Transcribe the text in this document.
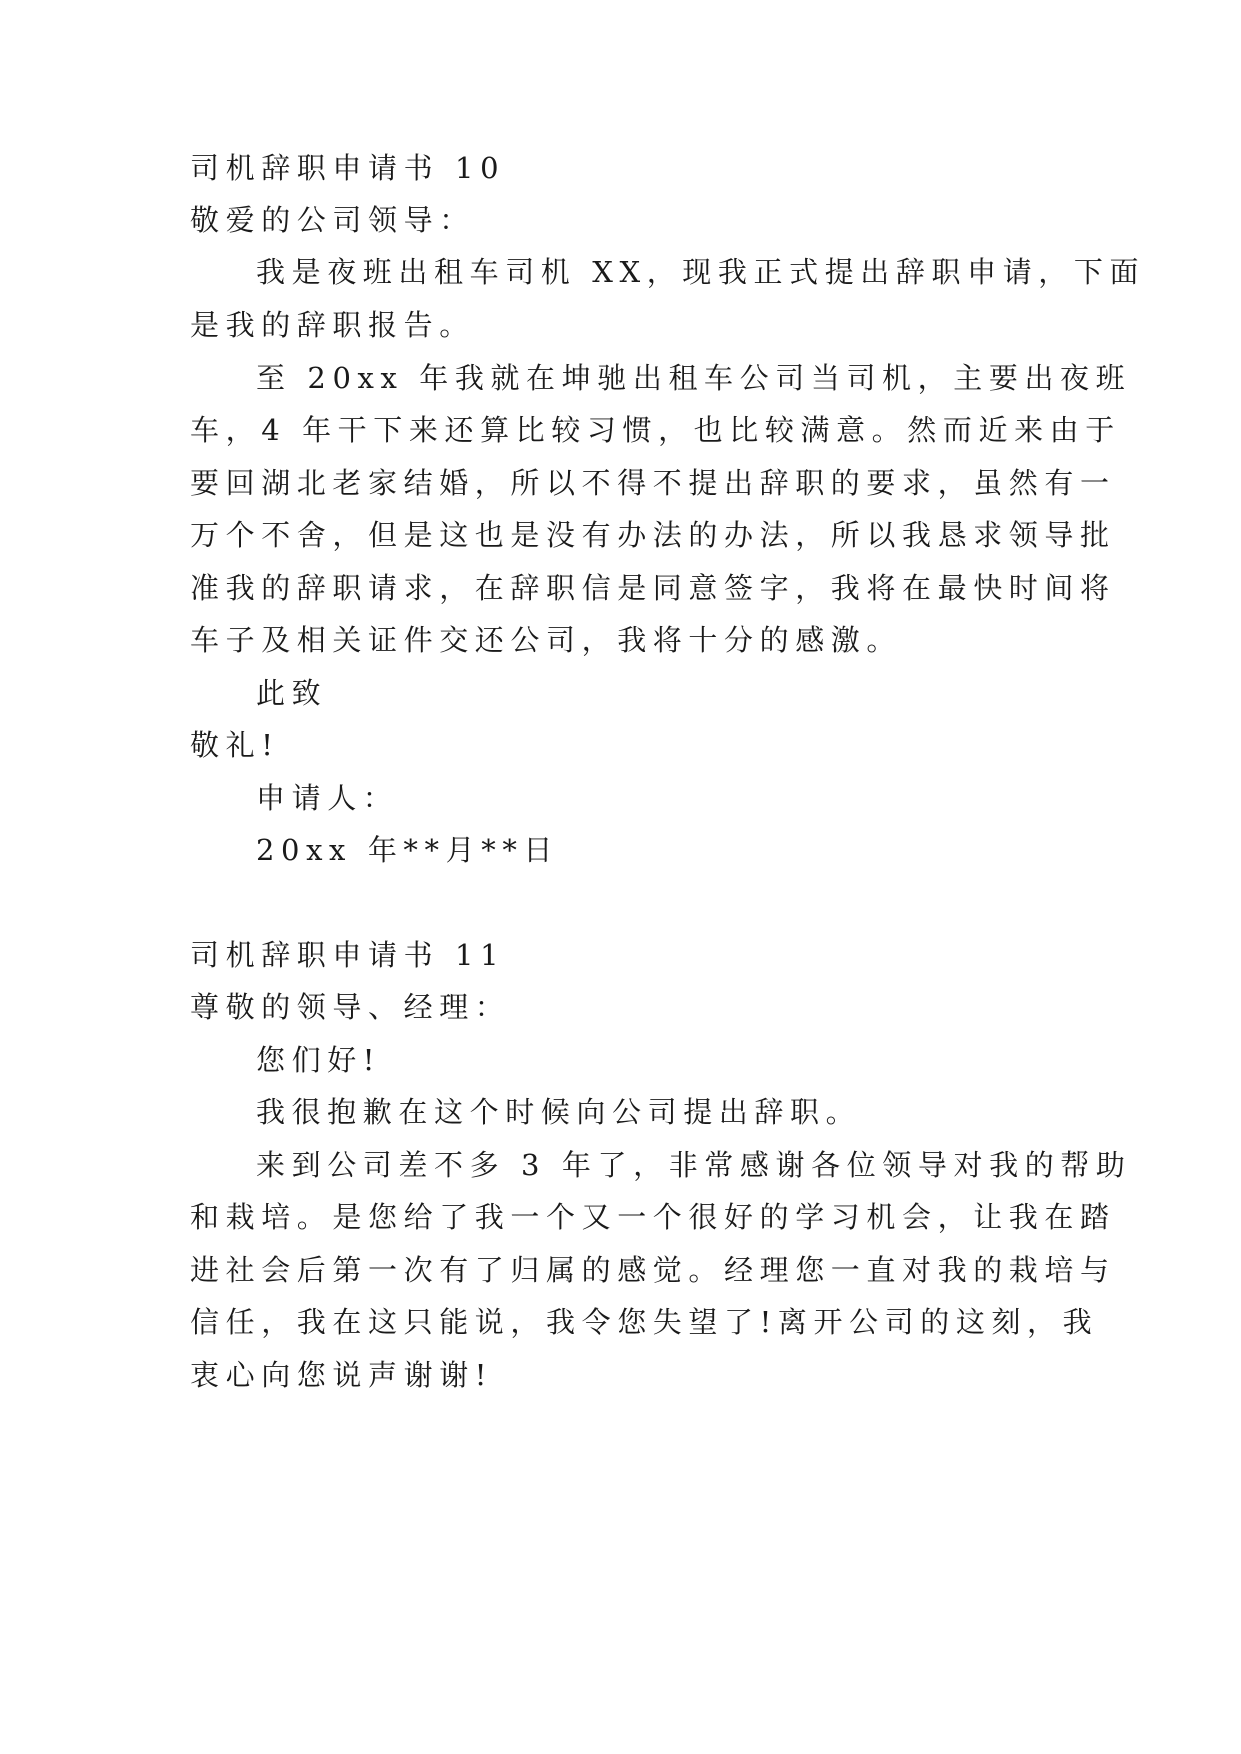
司机辞职申请书 10
敬爱的公司领导：
我是夜班出租车司机 XX，现我正式提出辞职申请，下面
是我的辞职报告。
至 20xx 年我就在坤驰出租车公司当司机，主要出夜班
车，4 年干下来还算比较习惯，也比较满意。然而近来由于
要回湖北老家结婚，所以不得不提出辞职的要求，虽然有一
万个不舍，但是这也是没有办法的办法，所以我恳求领导批
准我的辞职请求，在辞职信是同意签字，我将在最快时间将
车子及相关证件交还公司，我将十分的感激。
此致
敬礼!
申请人：
20xx 年**月**日
司机辞职申请书 11
尊敬的领导、经理：
您们好!
我很抱歉在这个时候向公司提出辞职。
来到公司差不多 3 年了，非常感谢各位领导对我的帮助
和栽培。是您给了我一个又一个很好的学习机会，让我在踏
进社会后第一次有了归属的感觉。经理您一直对我的栽培与
信任，我在这只能说，我令您失望了!离开公司的这刻，我
衷心向您说声谢谢!
